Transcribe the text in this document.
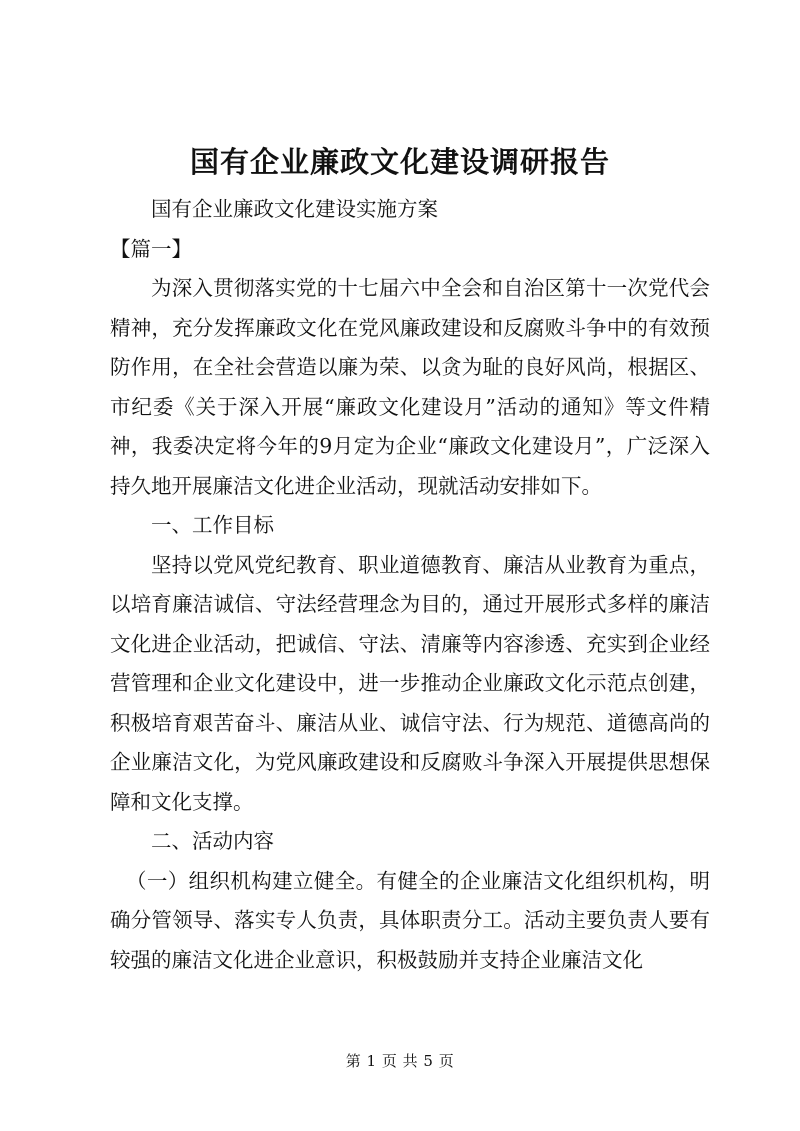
国有企业廉政文化建设调研报告

国有企业廉政文化建设实施方案

【篇一】

为深入贯彻落实党的十七届六中全会和自治区第十一次党代会精神，充分发挥廉政文化在党风廉政建设和反腐败斗争中的有效预防作用，在全社会营造以廉为荣、以贪为耻的良好风尚，根据区、市纪委《关于深入开展“廉政文化建设月”活动的通知》等文件精神，我委决定将今年的9月定为企业“廉政文化建设月”，广泛深入持久地开展廉洁文化进企业活动，现就活动安排如下。

一、工作目标

坚持以党风党纪教育、职业道德教育、廉洁从业教育为重点，以培育廉洁诚信、守法经营理念为目的，通过开展形式多样的廉洁文化进企业活动，把诚信、守法、清廉等内容渗透、充实到企业经营管理和企业文化建设中，进一步推动企业廉政文化示范点创建，积极培育艰苦奋斗、廉洁从业、诚信守法、行为规范、道德高尚的企业廉洁文化，为党风廉政建设和反腐败斗争深入开展提供思想保障和文化支撑。

二、活动内容

（一）组织机构建立健全。有健全的企业廉洁文化组织机构，明确分管领导、落实专人负责，具体职责分工。活动主要负责人要有较强的廉洁文化进企业意识，积极鼓励并支持企业廉洁文化

第 1 页 共 5 页
